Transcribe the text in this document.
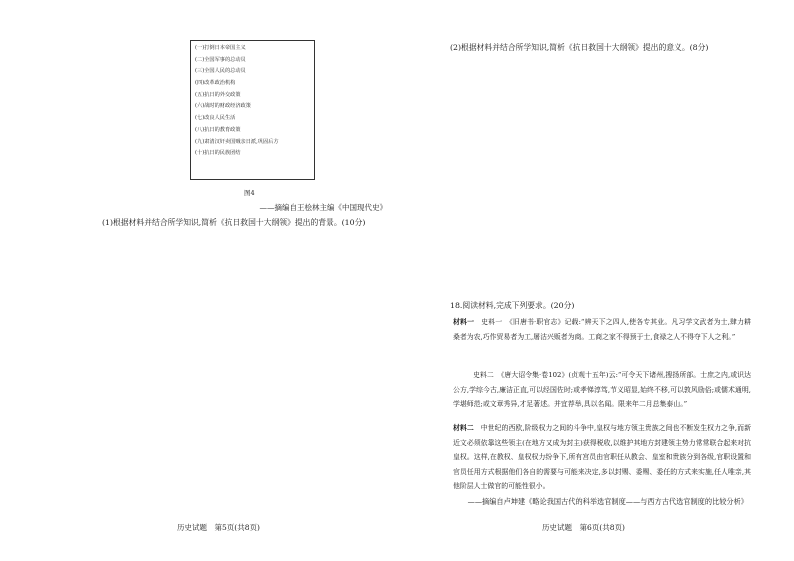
(一)打倒日本帝国主义
(二)全国军事的总动员
(三)全国人民的总动员
(四)改革政治机构
(五)抗日的外交政策
(六)战时的财政经济政策
(七)改良人民生活
(八)抗日的教育政策
(九)肃清汉奸卖国贼亲日派,巩固后方
(十)抗日的民族团结
图4
——摘编自王桧林主编《中国现代史》
(1)根据材料并结合所学知识,简析《抗日救国十大纲领》提出的背景。(10分)
历史试题　第5页(共8页)
(2)根据材料并结合所学知识,简析《抗日救国十大纲领》提出的意义。(8分)
18.阅读材料,完成下列要求。(20分)
材料一　史料一　《旧唐书·职官志》记载:“辨天下之四人,使各专其业。凡习学文武者为士,肆力耕桑者为农,巧作贸易者为工,屠沽兴贩者为商。工商之家不得预于士,食禄之人不得夺下人之利。”
史料二　《唐大诏令集·卷102》(贞观十五年)云:“可令天下诸州,搜扬所部。士庶之内,或识达公方,学综今古,廉洁正直,可以经国佐时;或孝悌淳笃,节义昭显,始终不移,可以敦风励俗;或儒术通明,学堪师范;或文章秀异,才足著述。并宜荐举,具以名闻。限来年二月总集泰山。”
材料二　中世纪的西欧,阶级权力之间的斗争中,皇权与地方领主贵族之间也不断发生权力之争,而新近文必须依靠这些领主(在地方又成为封主)获得税收,以维护其地方封建领主势力常常联合起来对抗皇权。这样,在教权、皇权权力纷争下,所有宫员由官职任从教会、皇室和贵族分到各级,官职设置和官员任用方式根据他们各自的需要与可能来决定,多以封赐、委赐、委任的方式来实施,任人唯亲,其他阶层人士做官的可能性很小。
——摘编自卢坤建《略论我国古代的科举选官制度——与西方古代选官制度的比较分析》
历史试题　第6页(共8页)
